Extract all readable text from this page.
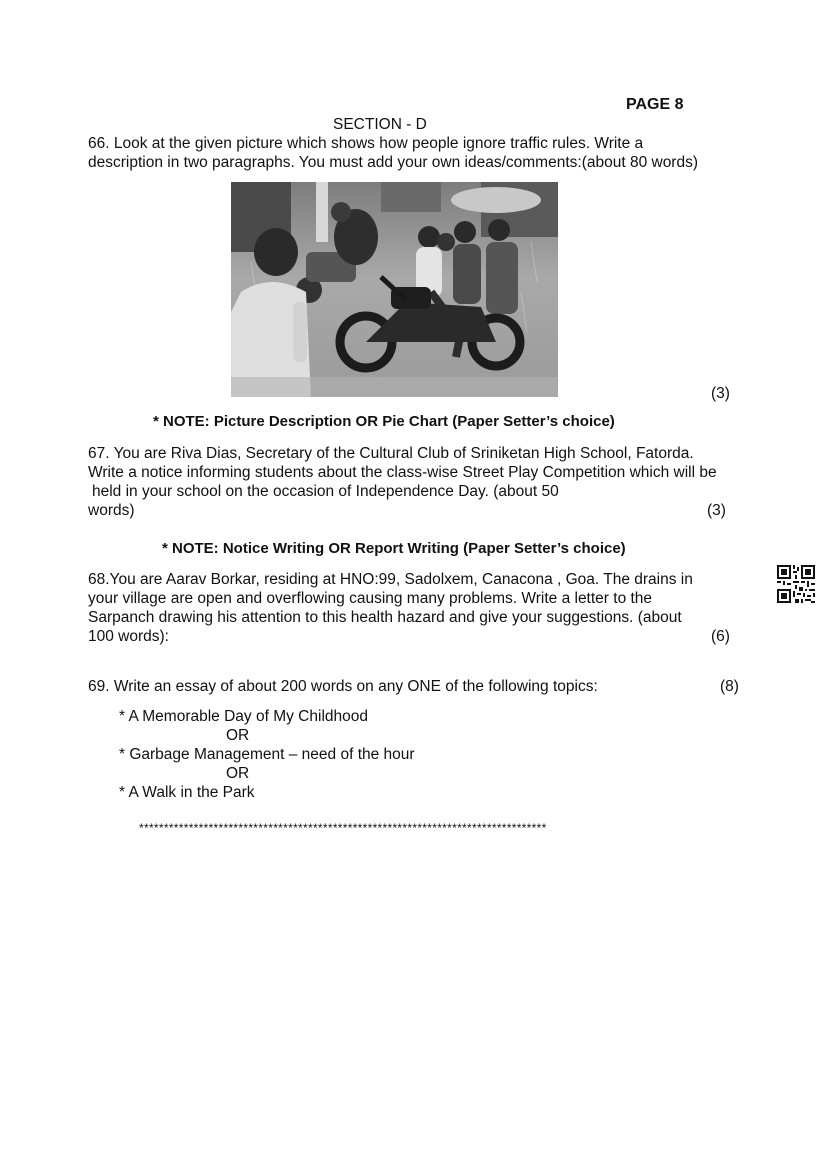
PAGE 8
SECTION - D
66. Look at the given picture which shows how people ignore traffic rules. Write a
description in two paragraphs. You must add your own ideas/comments:(about 80 words)
(3)
* NOTE: Picture Description OR Pie Chart (Paper Setter’s choice)
67. You are Riva Dias, Secretary of the Cultural Club of Sriniketan High School, Fatorda.
Write a notice informing students about the class-wise Street Play Competition which will be
held in your school on the occasion of Independence Day. (about 50
words)	(3)
* NOTE: Notice Writing OR Report Writing (Paper Setter’s choice)
68.You are Aarav Borkar, residing at HNO:99, Sadolxem, Canacona , Goa. The drains in
your village are open and overflowing causing many problems. Write a letter to the
Sarpanch drawing his attention to this health hazard and give your suggestions. (about
100 words):	(6)
69. Write an essay of about 200 words on any ONE of the following topics:	(8)
* A Memorable Day of My Childhood
OR
* Garbage Management – need of the hour
OR
* A Walk in the Park
**********************************************************************************
